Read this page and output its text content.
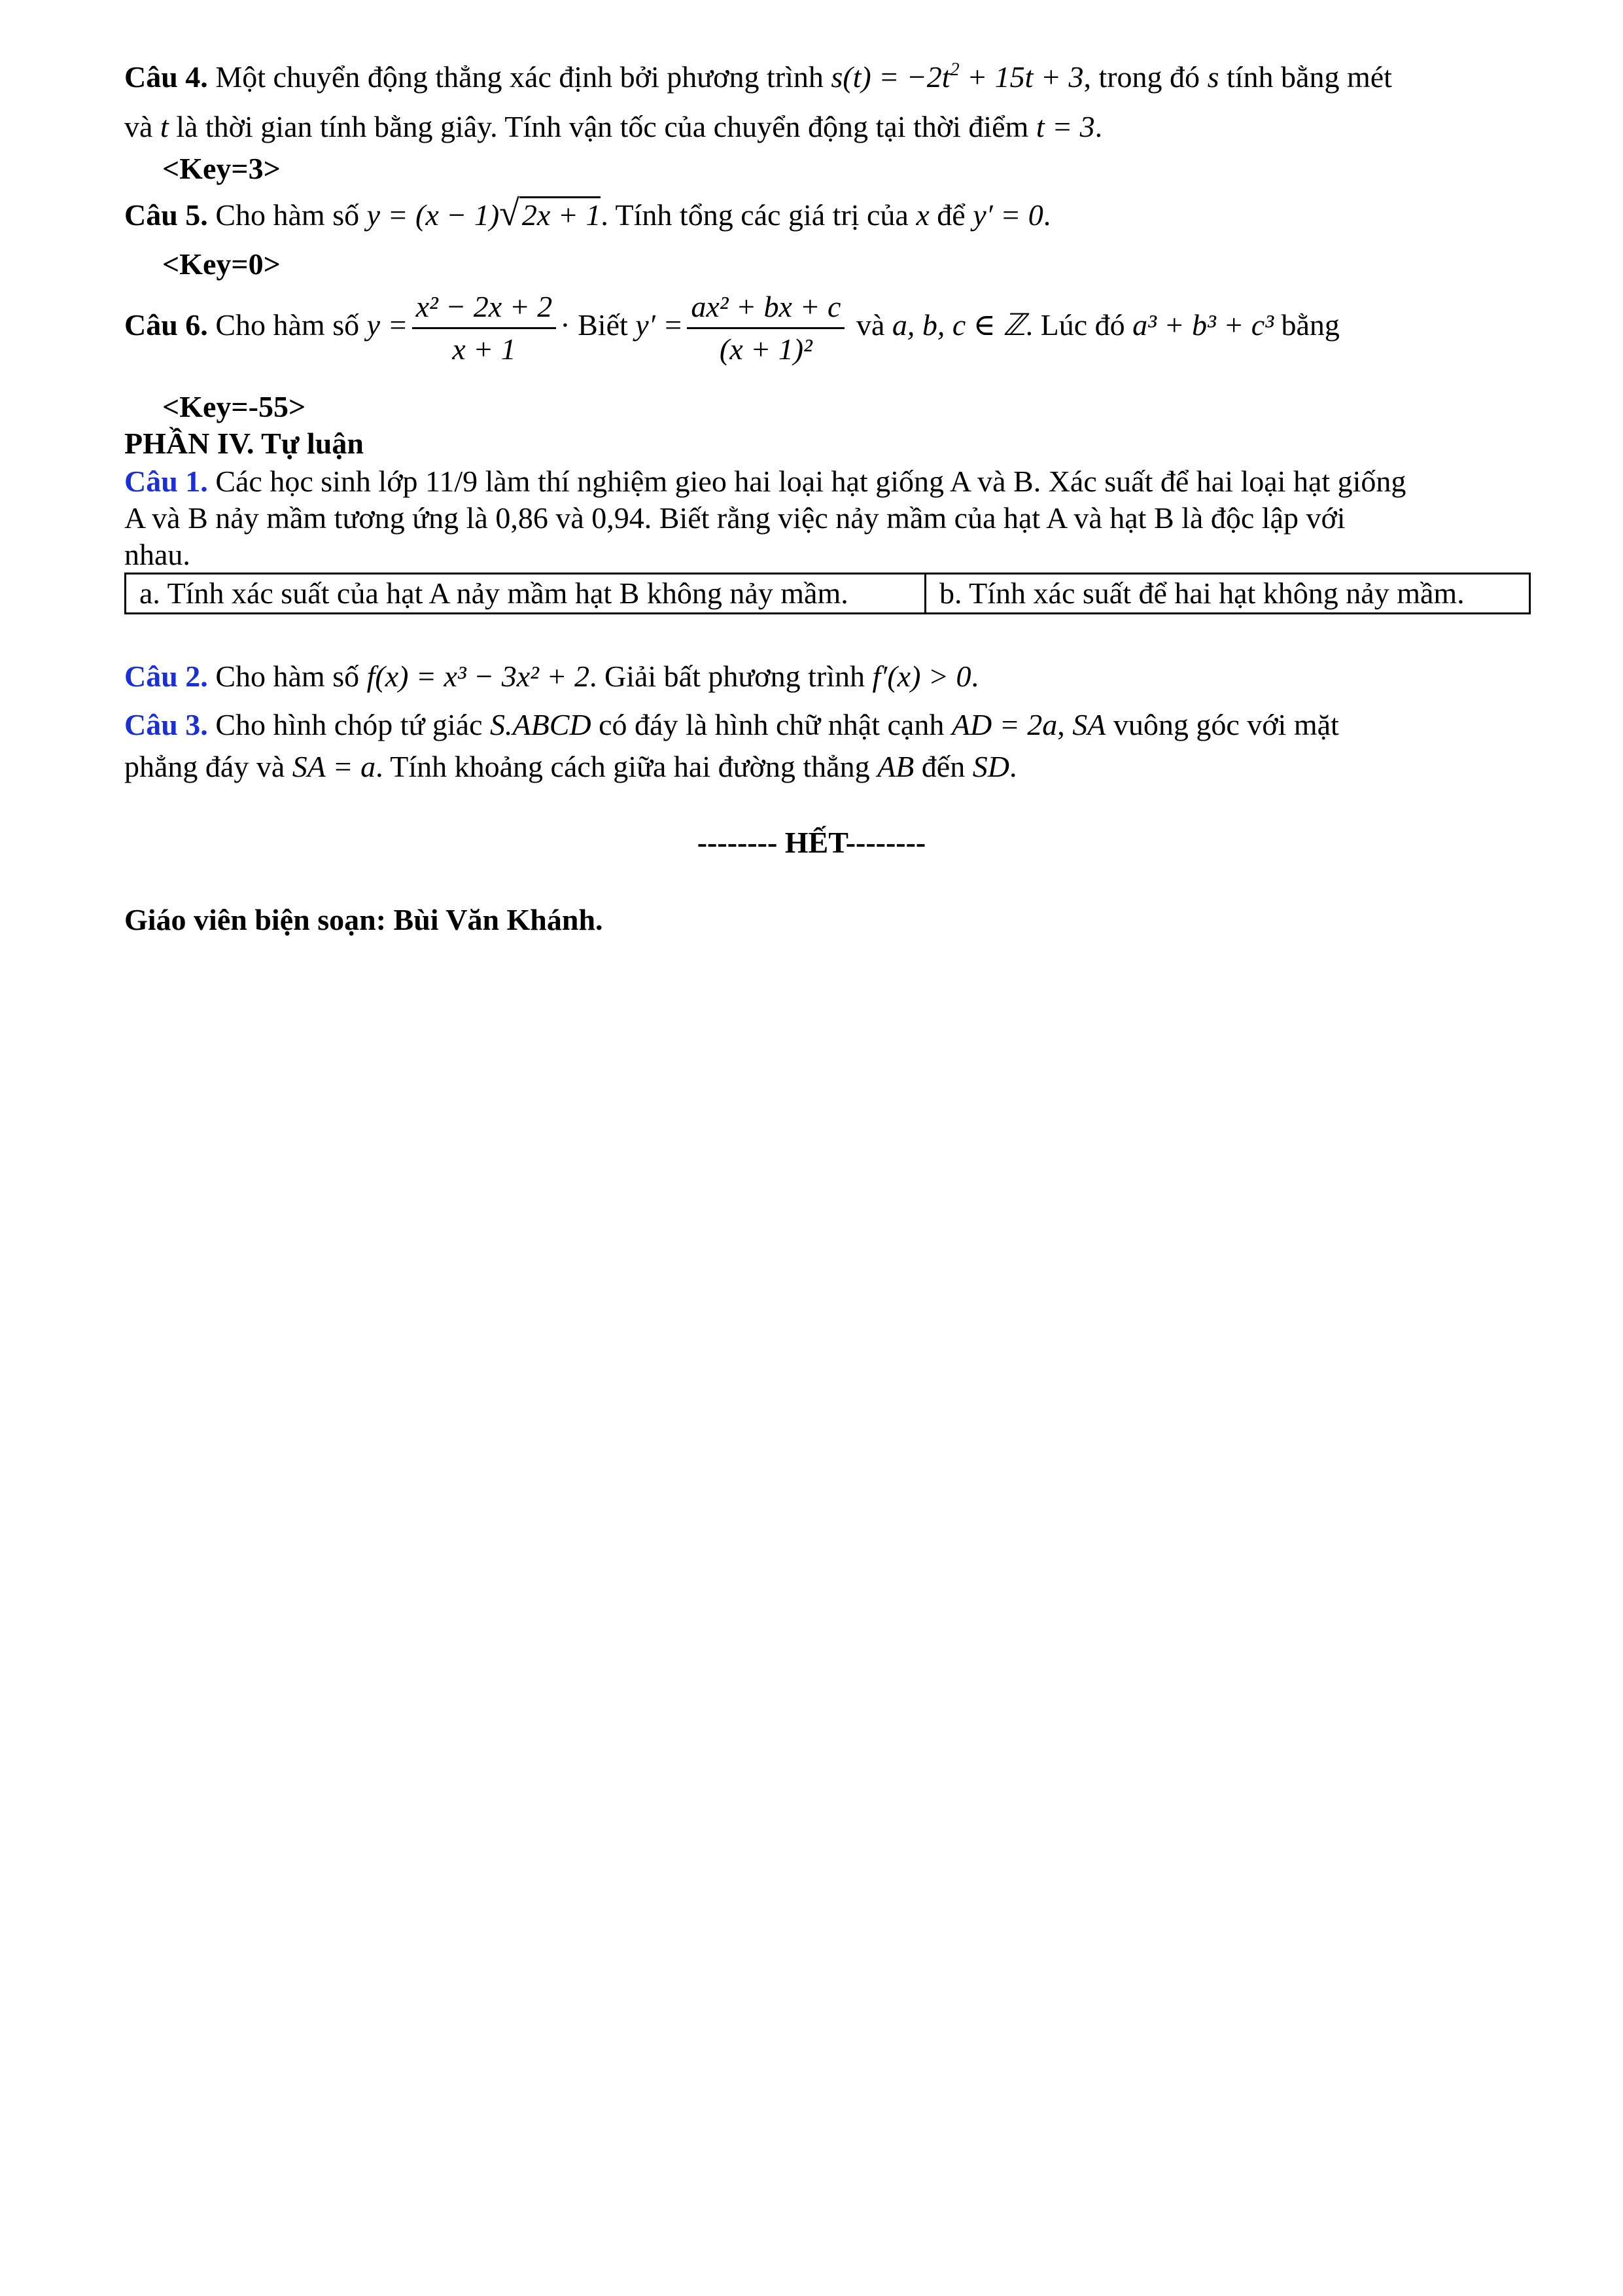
Câu 4. Một chuyển động thẳng xác định bởi phương trình $s(t) = -2t^2 + 15t + 3$, trong đó s tính bằng mét
và t là thời gian tính bằng giây. Tính vận tốc của chuyển động tại thời điểm t = 3.
<Key=3>
Câu 5. Cho hàm số y = (x − 1)√2x + 1. Tính tổng các giá trị của x để y′ = 0.
<Key=0>
Câu 6. Cho hàm số $y = \frac{\text{x² − 2x + 2}}{x + 1}$ · Biết $y' = \frac{\text{ax² + bx + c}}{\text{(x + 1)²}}$ và a, b, c ∈ ℤ. Lúc đó a³ + b³ + c³ bằng
<Key=-55>
PHẦN IV. Tự luận
Câu 1. Các học sinh lớp 11/9 làm thí nghiệm gieo hai loại hạt giống A và B. Xác suất để hai loại hạt giống
A và B nảy mầm tương ứng là 0,86 và 0,94. Biết rằng việc nảy mầm của hạt A và hạt B là độc lập với
nhau.
a. Tính xác suất của hạt A nảy mầm hạt B không nảy mầm.	b. Tính xác suất để hai hạt không nảy mầm.
Câu 2. Cho hàm số f(x) = x³ − 3x² + 2. Giải bất phương trình f′(x) > 0.
Câu 3. Cho hình chóp tứ giác S.ABCD có đáy là hình chữ nhật cạnh AD = 2a, SA vuông góc với mặt
phẳng đáy và SA = a. Tính khoảng cách giữa hai đường thẳng AB đến SD.
-------- HẾT--------
Giáo viên biện soạn: Bùi Văn Khánh.
